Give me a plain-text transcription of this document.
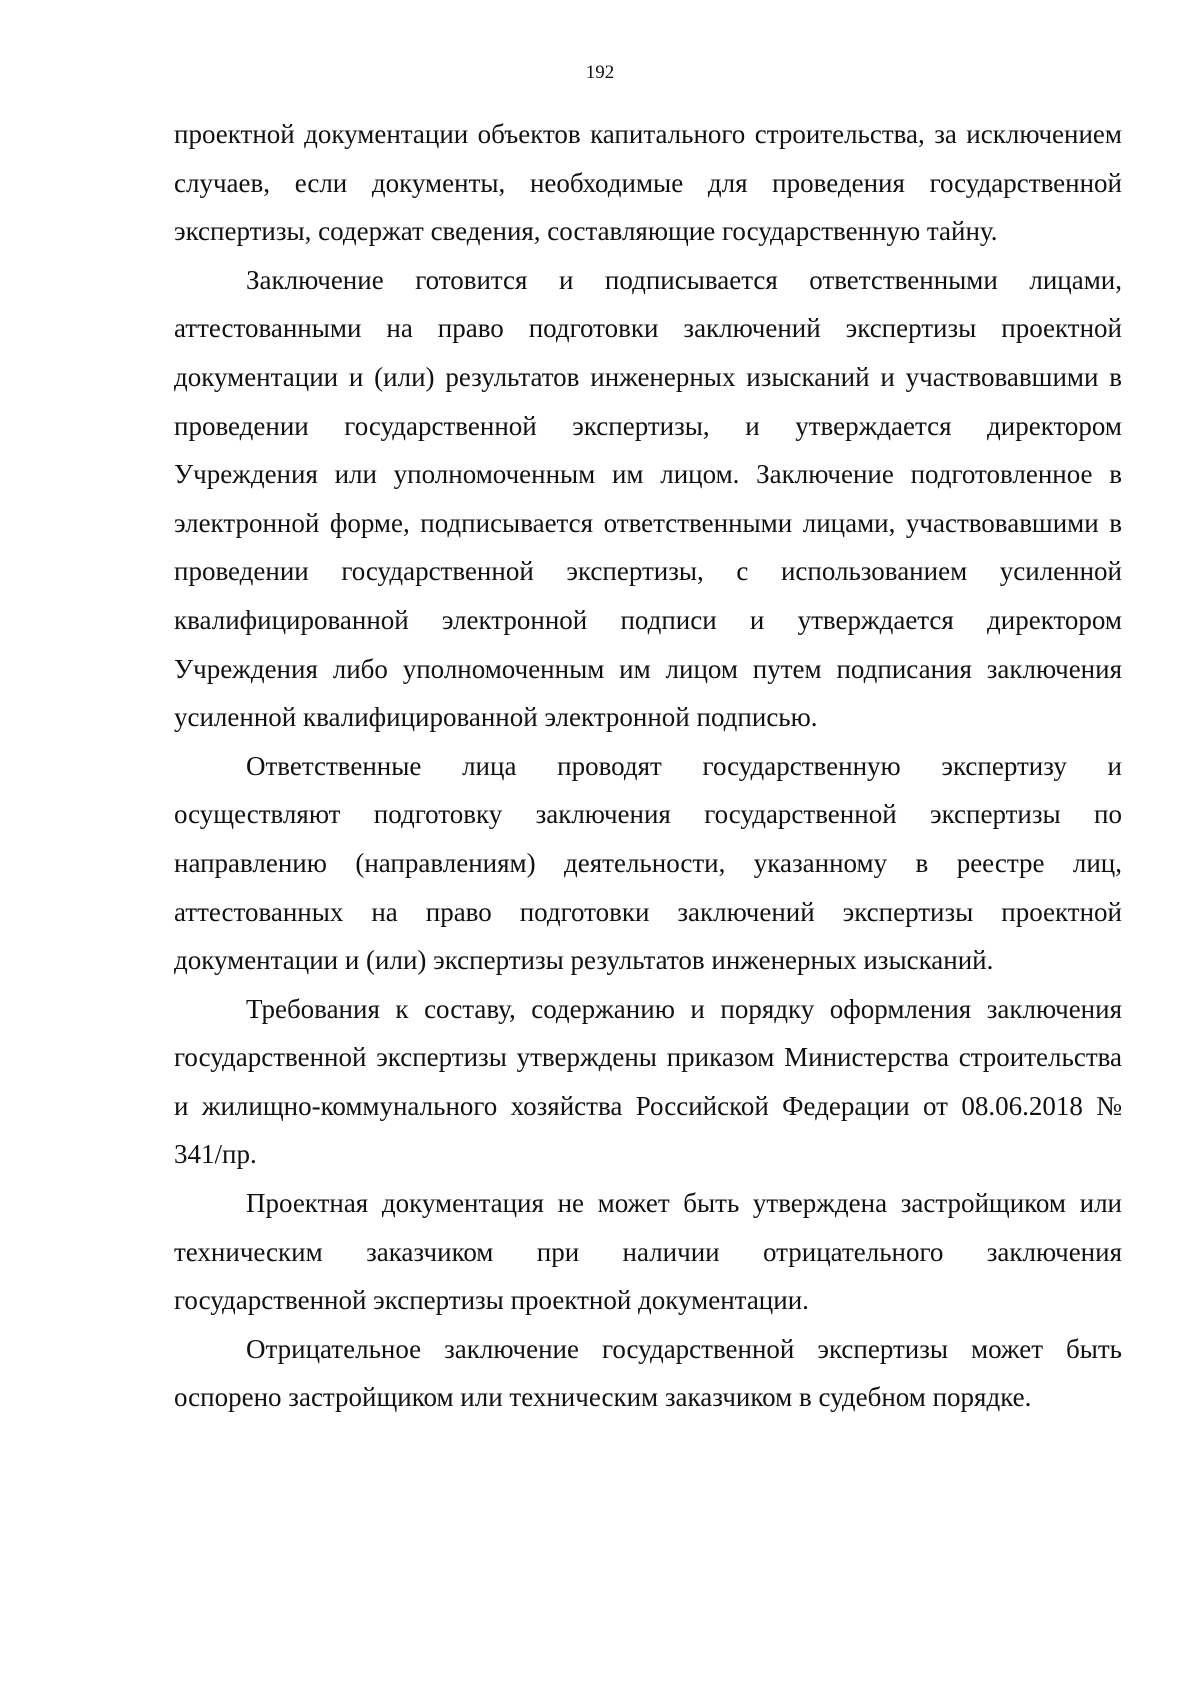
192

проектной документации объектов капитального строительства, за исключением случаев, если документы, необходимые для проведения государственной экспертизы, содержат сведения, составляющие государственную тайну.

Заключение готовится и подписывается ответственными лицами, аттестованными на право подготовки заключений экспертизы проектной документации и (или) результатов инженерных изысканий и участвовавшими в проведении государственной экспертизы, и утверждается директором Учреждения или уполномоченным им лицом. Заключение подготовленное в электронной форме, подписывается ответственными лицами, участвовавшими в проведении государственной экспертизы, с использованием усиленной квалифицированной электронной подписи и утверждается директором Учреждения либо уполномоченным им лицом путем подписания заключения усиленной квалифицированной электронной подписью.

Ответственные лица проводят государственную экспертизу и осуществляют подготовку заключения государственной экспертизы по направлению (направлениям) деятельности, указанному в реестре лиц, аттестованных на право подготовки заключений экспертизы проектной документации и (или) экспертизы результатов инженерных изысканий.

Требования к составу, содержанию и порядку оформления заключения государственной экспертизы утверждены приказом Министерства строительства и жилищно-коммунального хозяйства Российской Федерации от 08.06.2018 № 341/пр.

Проектная документация не может быть утверждена застройщиком или техническим заказчиком при наличии отрицательного заключения государственной экспертизы проектной документации.

Отрицательное заключение государственной экспертизы может быть оспорено застройщиком или техническим заказчиком в судебном порядке.
